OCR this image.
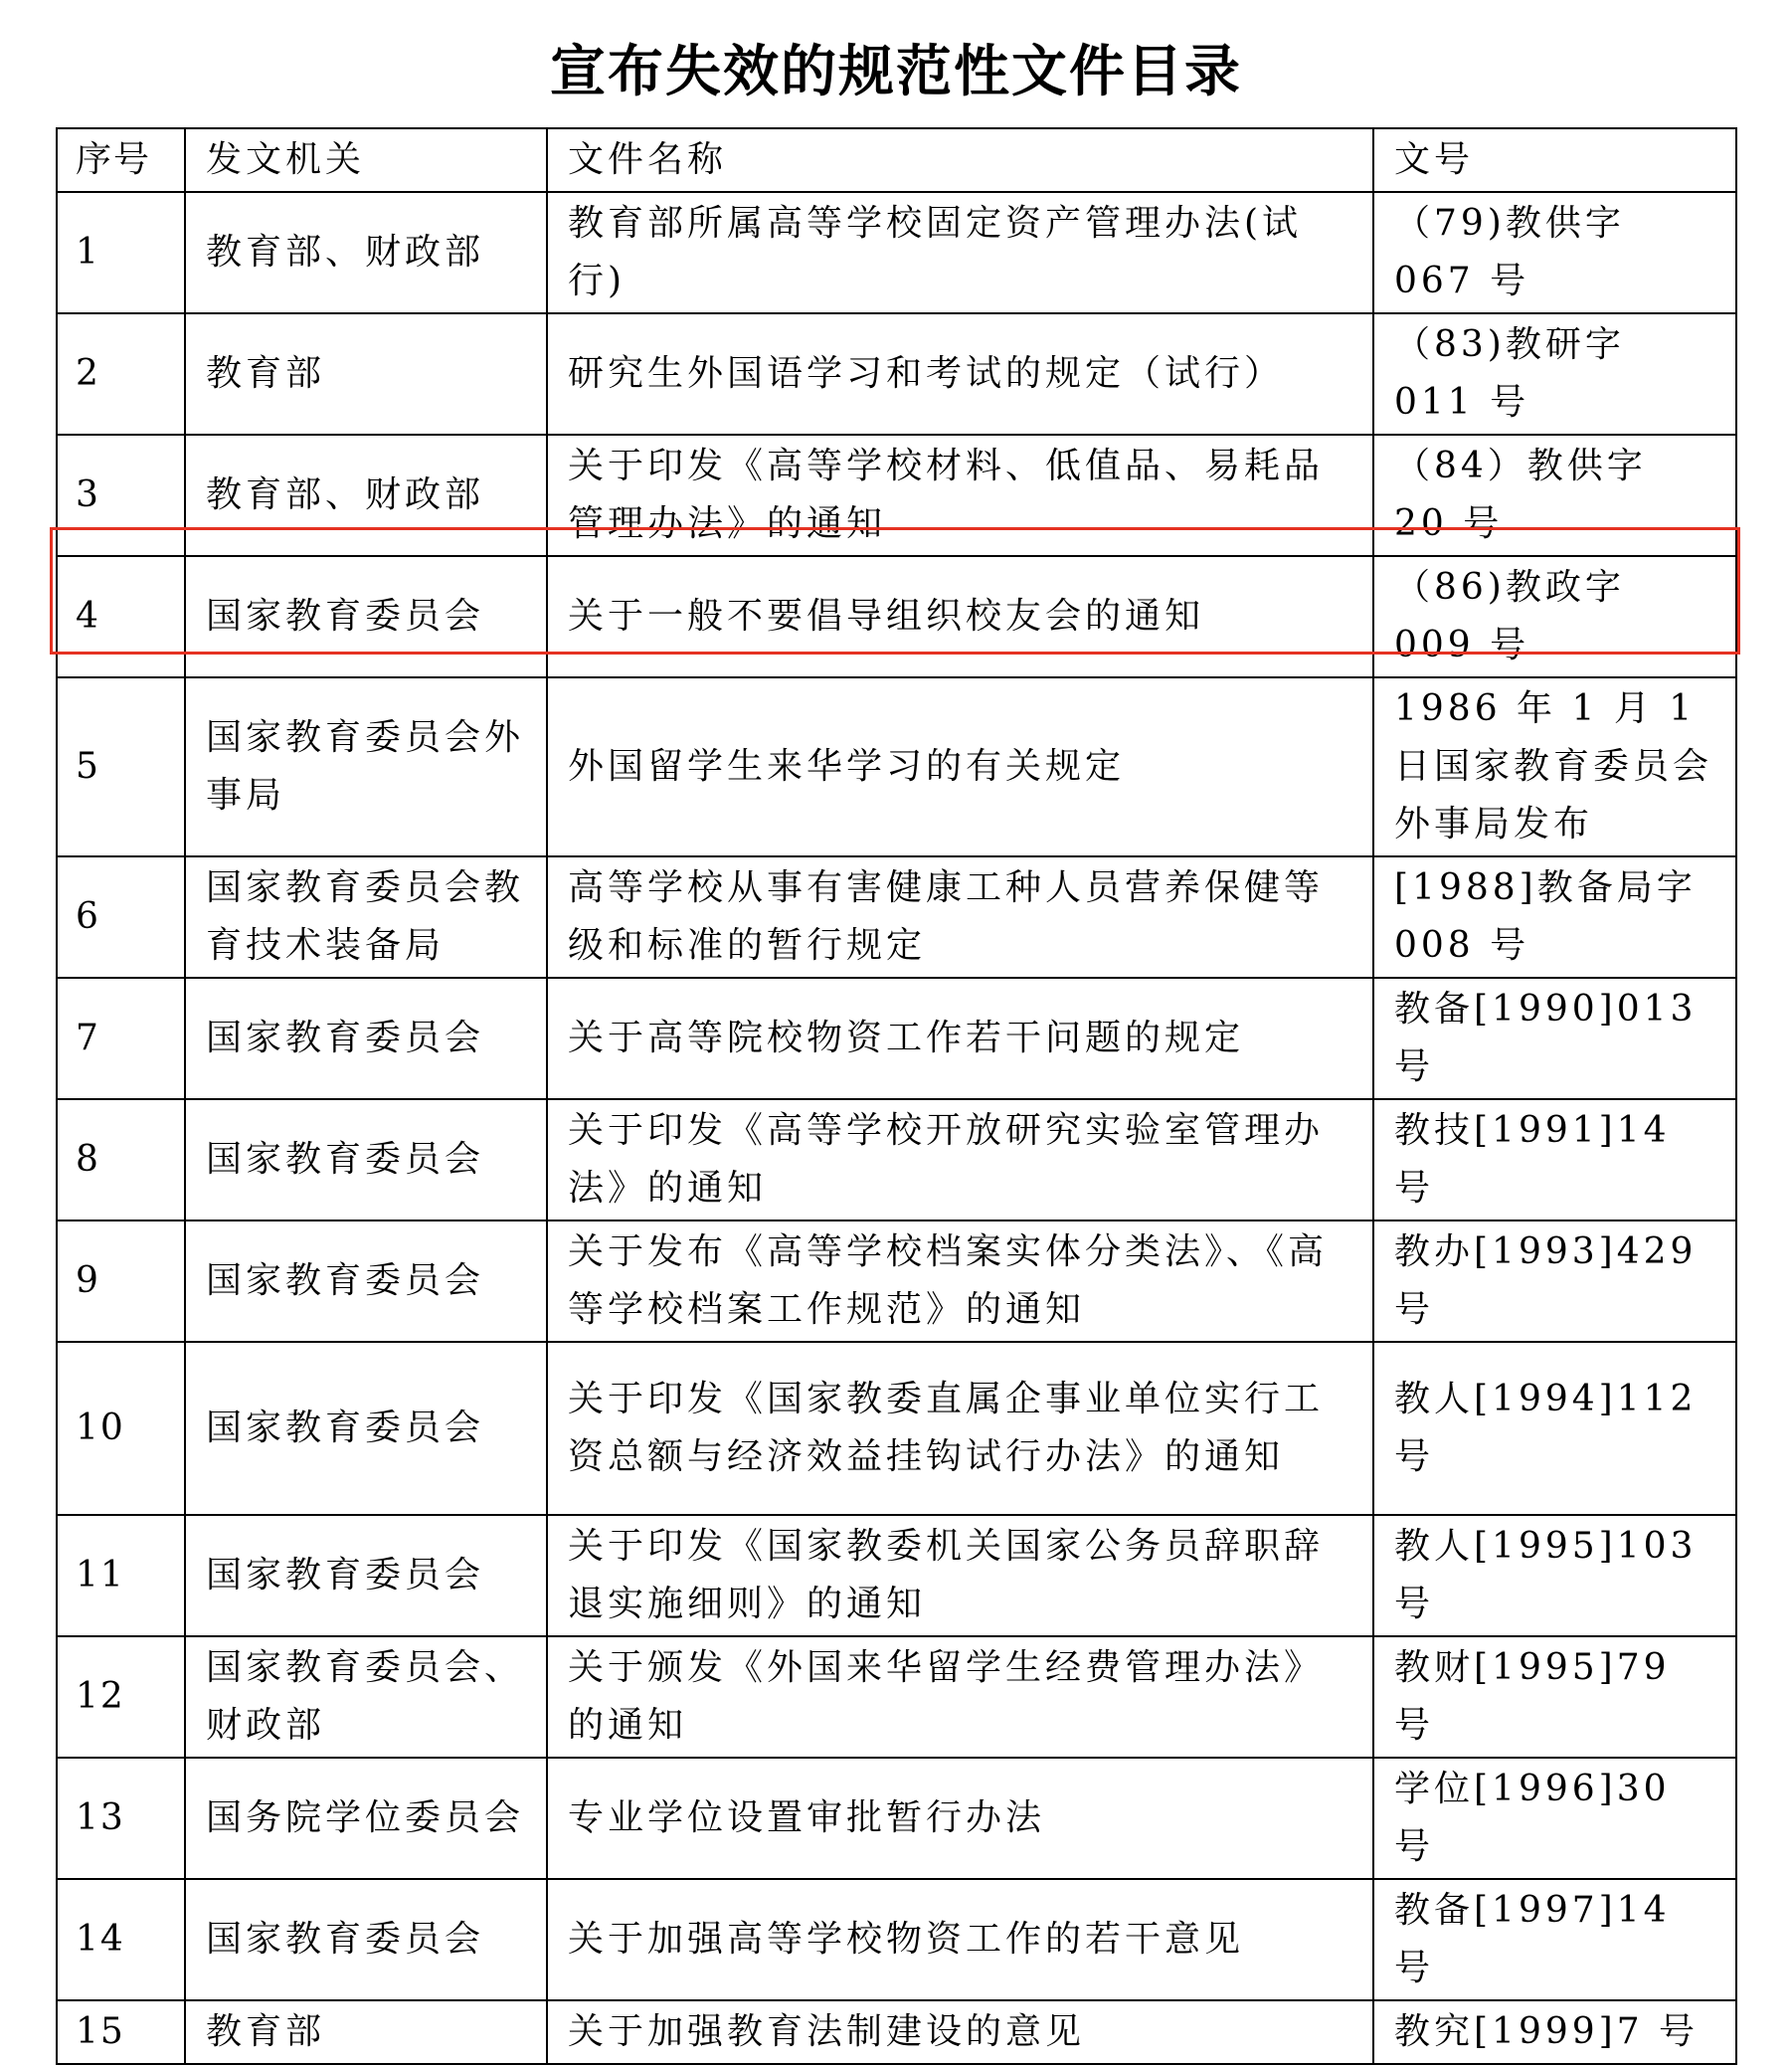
宣布失效的规范性文件目录
序号	发文机关	文件名称	文号
1	教育部、财政部	教育部所属高等学校固定资产管理办法(试行)	（79)教供字 067 号
2	教育部	研究生外国语学习和考试的规定（试行）	（83)教研字 011 号
3	教育部、财政部	关于印发《高等学校材料、低值品、易耗品管理办法》的通知	（84）教供字 20 号
4	国家教育委员会	关于一般不要倡导组织校友会的通知	（86)教政字 009 号
5	国家教育委员会外事局	外国留学生来华学习的有关规定	1986 年 1 月 1 日国家教育委员会外事局发布
6	国家教育委员会教育技术装备局	高等学校从事有害健康工种人员营养保健等级和标准的暂行规定	[1988]教备局字 008 号
7	国家教育委员会	关于高等院校物资工作若干问题的规定	教备[1990]013 号
8	国家教育委员会	关于印发《高等学校开放研究实验室管理办法》的通知	教技[1991]14 号
9	国家教育委员会	关于发布《高等学校档案实体分类法》、《高等学校档案工作规范》的通知	教办[1993]429 号
10	国家教育委员会	关于印发《国家教委直属企事业单位实行工资总额与经济效益挂钩试行办法》的通知	教人[1994]112 号
11	国家教育委员会	关于印发《国家教委机关国家公务员辞职辞退实施细则》的通知	教人[1995]103 号
12	国家教育委员会、财政部	关于颁发《外国来华留学生经费管理办法》的通知	教财[1995]79 号
13	国务院学位委员会	专业学位设置审批暂行办法	学位[1996]30 号
14	国家教育委员会	关于加强高等学校物资工作的若干意见	教备[1997]14 号
15	教育部	关于加强教育法制建设的意见	教究[1999]7 号
